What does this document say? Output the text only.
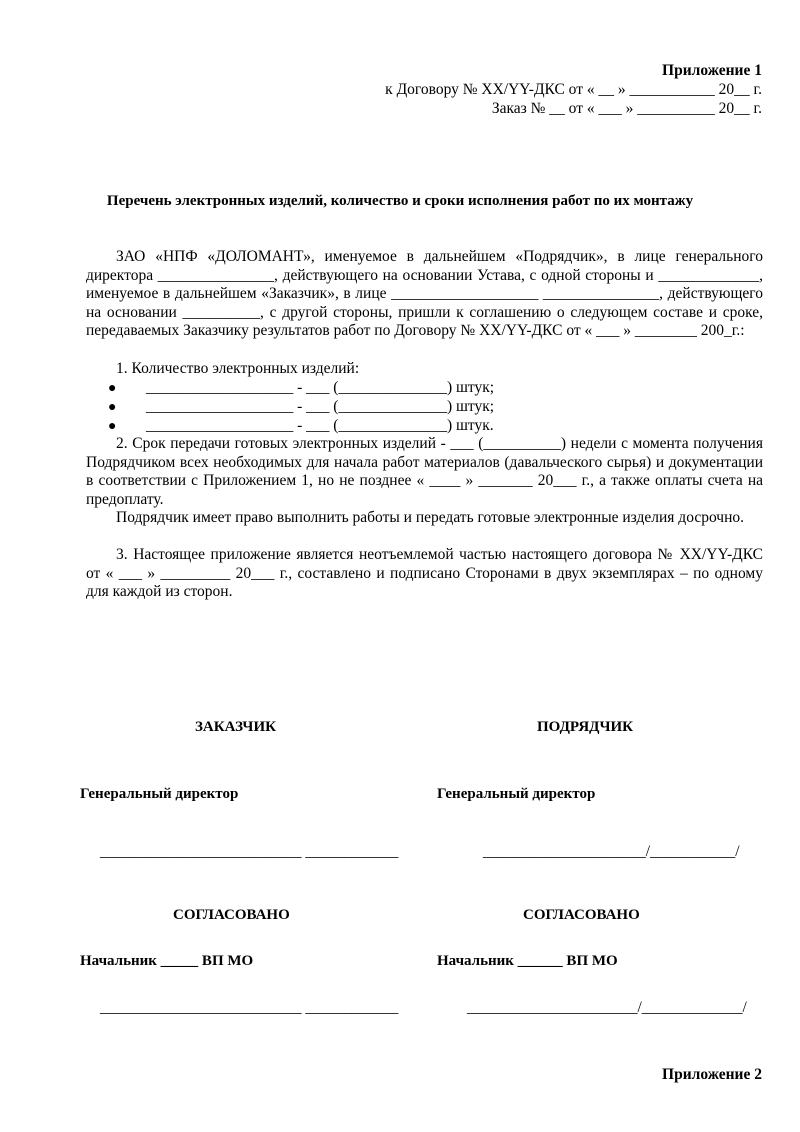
Приложение 1
к Договору № XX/YY-ДКС от « __ » ___________ 20__ г.
Заказ № __ от « ___ » __________ 20__ г.
Перечень электронных изделий, количество и сроки исполнения работ по их монтажу
ЗАО «НПФ «ДОЛОМАНТ», именуемое в дальнейшем «Подрядчик», в лице генерального директора _______________, действующего на основании Устава, с одной стороны и _____________, именуемое в дальнейшем «Заказчик», в лице ___________________ _______________, действующего на основании __________, с другой стороны, пришли к соглашению о следующем составе и сроке, передаваемых Заказчику результатов работ по Договору № XX/YY-ДКС от « ___ » ________ 200_г.:
1. Количество электронных изделий:
● ___________________ - ___ (______________) штук;
● ___________________ - ___ (______________) штук;
● ___________________ - ___ (______________) штук.
2. Срок передачи готовых электронных изделий - ___ (__________) недели с момента получения Подрядчиком всех необходимых для начала работ материалов (давальческого сырья) и документации в соответствии с Приложением 1, но не позднее « ____ » _______ 20___ г., а также оплаты счета на предоплату.
Подрядчик имеет право выполнить работы и передать готовые электронные изделия досрочно.
3. Настоящее приложение является неотъемлемой частью настоящего договора № XX/YY-ДКС от « ___ » _________ 20___ г., составлено и подписано Сторонами в двух экземплярах – по одному для каждой из сторон.
ЗАКАЗЧИК
Генеральный директор
__________________________ ____________
СОГЛАСОВАНО
Начальник _____ ВП МО
__________________________ ____________
ПОДРЯДЧИК
Генеральный директор
_____________________/___________/
СОГЛАСОВАНО
Начальник ______ ВП МО
______________________/_____________/
Приложение 2
